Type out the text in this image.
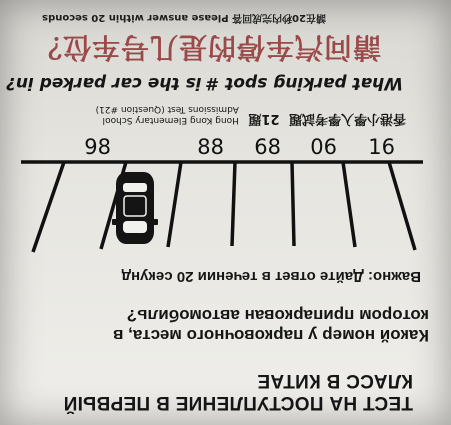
ТЕСТ НА ПОСТУПЛЕНИЕ В ПЕРВЫЙ
КЛАСС В КИТАЕ
Какой номер у парковочного места, в
котором припаркован автомобиль?
Важно: Дайте ответ в течении 20 секунд
16
06
68
88
98
香港小學入學考試題 21題
Hong Kong Elementary School
Admissions Test (Question #21)
What parking spot # is the car parked in?
請问汽车停的是几号车位？
請在20秒内完成回答 Please answer within 20 seconds
